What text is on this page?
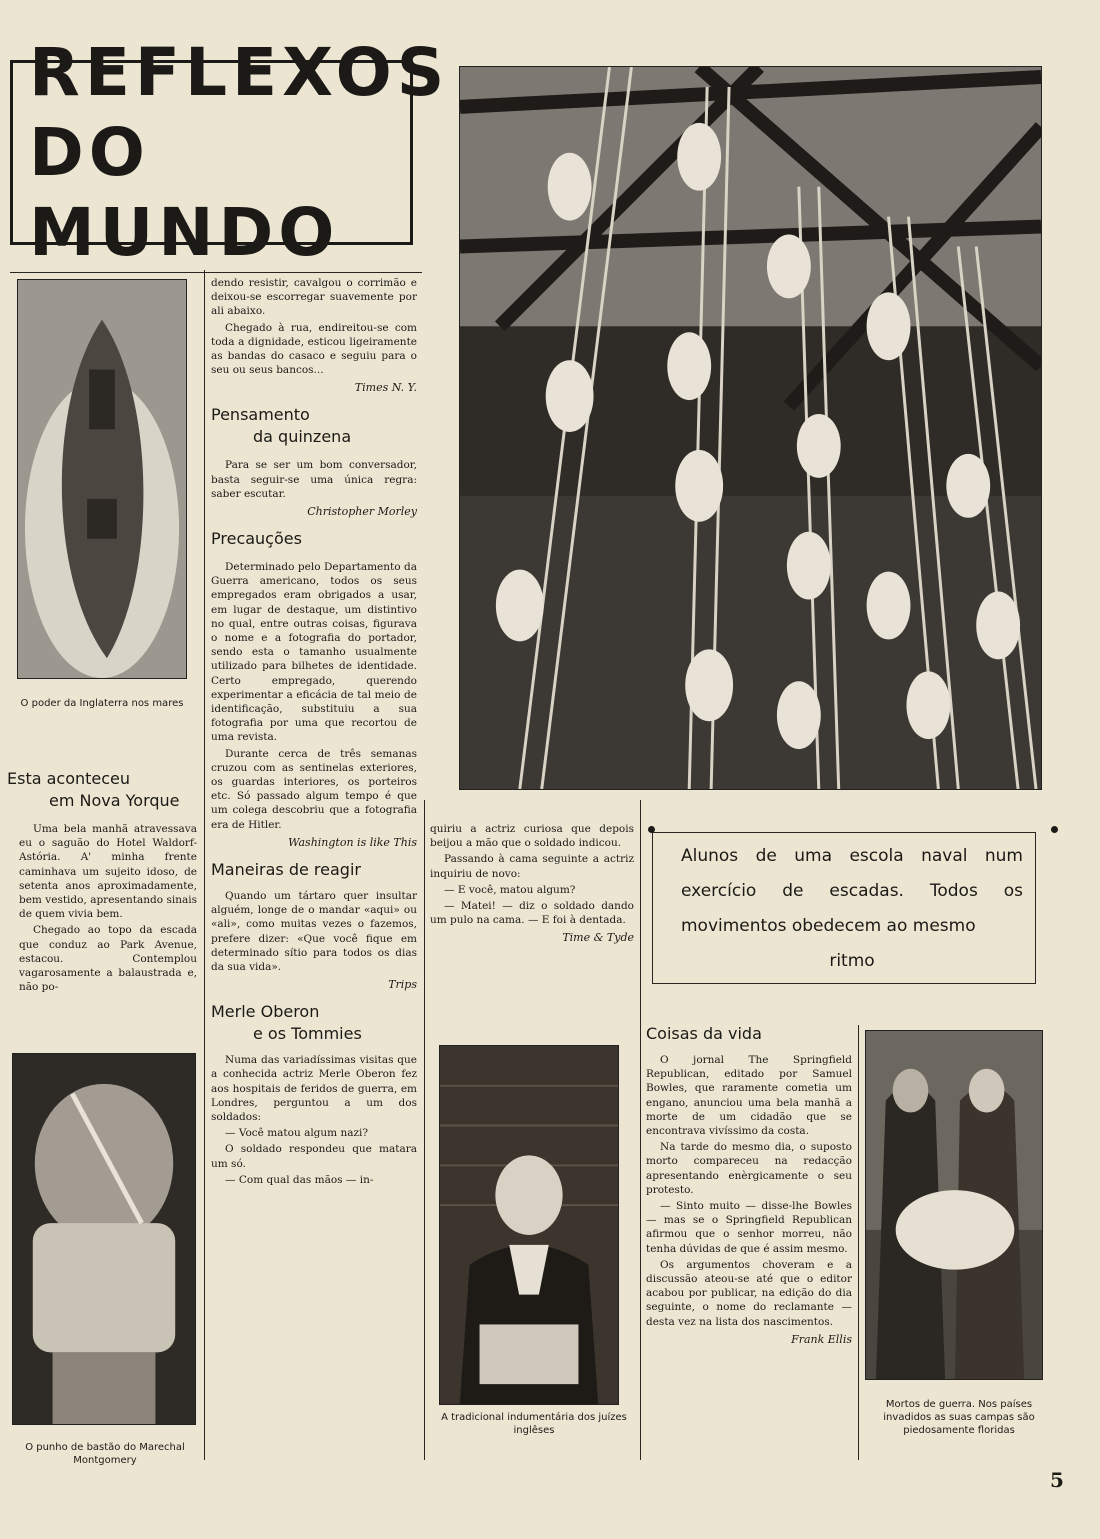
REFLEXOS
DO MUNDO
O poder da Inglaterra nos mares
Esta aconteceu
em Nova Yorque

Uma bela manhã atravessava eu o saguão do Hotel Waldorf-Astória. A' minha frente caminhava um sujeito idoso, de setenta anos aproximadamente, bem vestido, apresentando sinais de quem vivia bem.

Chegado ao topo da escada que conduz ao Park Avenue, estacou. Contemplou vagarosamente a balaustrada e, não po-

O punho de bastão do Marechal Montgomery

dendo resistir, cavalgou o corrimão e deixou-se escorregar suavemente por ali abaixo.

Chegado à rua, endireitou-se com toda a dignidade, esticou ligeiramente as bandas do casaco e seguiu para o seu ou seus bancos...

Times N. Y.
Pensamento
da quinzena

Para se ser um bom conversador, basta seguir-se uma única regra: saber escutar.

Christopher Morley
Precauções

Determinado pelo Departamento da Guerra americano, todos os seus empregados eram obrigados a usar, em lugar de destaque, um distintivo no qual, entre outras coisas, figurava o nome e a fotografia do portador, sendo esta o tamanho usualmente utilizado para bilhetes de identidade. Certo empregado, querendo experimentar a eficácia de tal meio de identificação, substituiu a sua fotografia por uma que recortou de uma revista.

Durante cerca de três semanas cruzou com as sentinelas exteriores, os guardas interiores, os porteiros etc. Só passado algum tempo é que um colega descobriu que a fotografia era de Hitler.

Washington is like This
Maneiras de reagir

Quando um tártaro quer insultar alguém, longe de o mandar «aqui» ou «ali», como muitas vezes o fazemos, prefere dizer: «Que você fique em determinado sítio para todos os dias da sua vida».

Trips
Merle Oberon
e os Tommies

Numa das variadíssimas visitas que a conhecida actriz Merle Oberon fez aos hospitais de feridos de guerra, em Londres, perguntou a um dos soldados:

— Você matou algum nazi?

O soldado respondeu que matara um só.

— Com qual das mãos — in-

quiriu a actriz curiosa que depois beijou a mão que o soldado indicou.

Passando à cama seguinte a actriz inquiriu de novo:

— E você, matou algum?

— Matei! — diz o soldado dando um pulo na cama. — E foi à dentada.

Time & Tyde
A tradicional indumentária dos juízes inglêses
Alunos de uma escola naval num exercício de escadas. Todos os movimentos obedecem ao mesmo
ritmo
Coisas da vida

O jornal The Springfield Republican, editado por Samuel Bowles, que raramente cometia um engano, anunciou uma bela manhã a morte de um cidadão que se encontrava vivíssimo da costa.

Na tarde do mesmo dia, o suposto morto compareceu na redacção apresentando enèrgicamente o seu protesto.

— Sinto muito — disse-lhe Bowles — mas se o Springfield Republican afirmou que o senhor morreu, não tenha dúvidas de que é assim mesmo.

Os argumentos choveram e a discussão ateou-se até que o editor acabou por publicar, na edição do dia seguinte, o nome do reclamante — desta vez na lista dos nascimentos.

Frank Ellis
Mortos de guerra. Nos países invadidos as suas campas são piedosamente floridas
5
